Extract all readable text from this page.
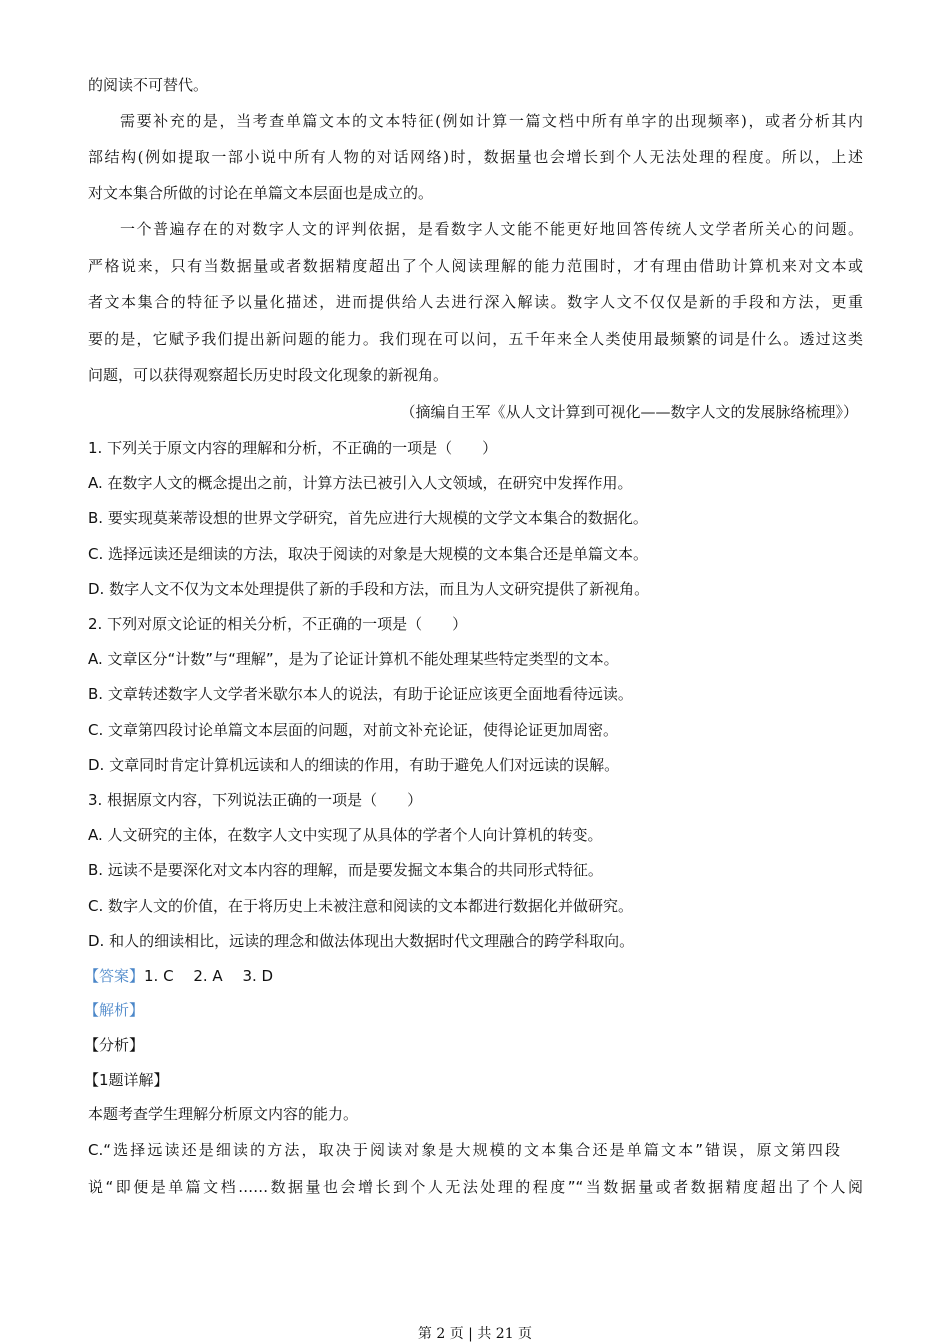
的阅读不可替代。
需要补充的是，当考查单篇文本的文本特征(例如计算一篇文档中所有单字的出现频率)，或者分析其内
部结构(例如提取一部小说中所有人物的对话网络)时，数据量也会增长到个人无法处理的程度。所以，上述
对文本集合所做的讨论在单篇文本层面也是成立的。
一个普遍存在的对数字人文的评判依据，是看数字人文能不能更好地回答传统人文学者所关心的问题。
严格说来，只有当数据量或者数据精度超出了个人阅读理解的能力范围时，才有理由借助计算机来对文本或
者文本集合的特征予以量化描述，进而提供给人去进行深入解读。数字人文不仅仅是新的手段和方法，更重
要的是，它赋予我们提出新问题的能力。我们现在可以问，五千年来全人类使用最频繁的词是什么。透过这类
问题，可以获得观察超长历史时段文化现象的新视角。
（摘编自王军《从人文计算到可视化——数字人文的发展脉络梳理》）
1. 下列关于原文内容的理解和分析，不正确的一项是（　　）
A. 在数字人文的概念提出之前，计算方法已被引入人文领域，在研究中发挥作用。
B. 要实现莫莱蒂设想的世界文学研究，首先应进行大规模的文学文本集合的数据化。
C. 选择远读还是细读的方法，取决于阅读的对象是大规模的文本集合还是单篇文本。
D. 数字人文不仅为文本处理提供了新的手段和方法，而且为人文研究提供了新视角。
2. 下列对原文论证的相关分析，不正确的一项是（　　）
A. 文章区分“计数”与“理解”，是为了论证计算机不能处理某些特定类型的文本。
B. 文章转述数字人文学者米歇尔本人的说法，有助于论证应该更全面地看待远读。
C. 文章第四段讨论单篇文本层面的问题，对前文补充论证，使得论证更加周密。
D. 文章同时肯定计算机远读和人的细读的作用，有助于避免人们对远读的误解。
3. 根据原文内容，下列说法正确的一项是（　　）
A. 人文研究的主体，在数字人文中实现了从具体的学者个人向计算机的转变。
B. 远读不是要深化对文本内容的理解，而是要发掘文本集合的共同形式特征。
C. 数字人文的价值，在于将历史上未被注意和阅读的文本都进行数据化并做研究。
D. 和人的细读相比，远读的理念和做法体现出大数据时代文理融合的跨学科取向。
【答案】1. C　 2. A　 3. D
【解析】
【分析】
【1题详解】
本题考查学生理解分析原文内容的能力。
C.“选择远读还是细读的方法，取决于阅读对象是大规模的文本集合还是单篇文本”错误，原文第四段
说“即便是单篇文档……数据量也会增长到个人无法处理的程度”“当数据量或者数据精度超出了个人阅
第 2 页 | 共 21 页
